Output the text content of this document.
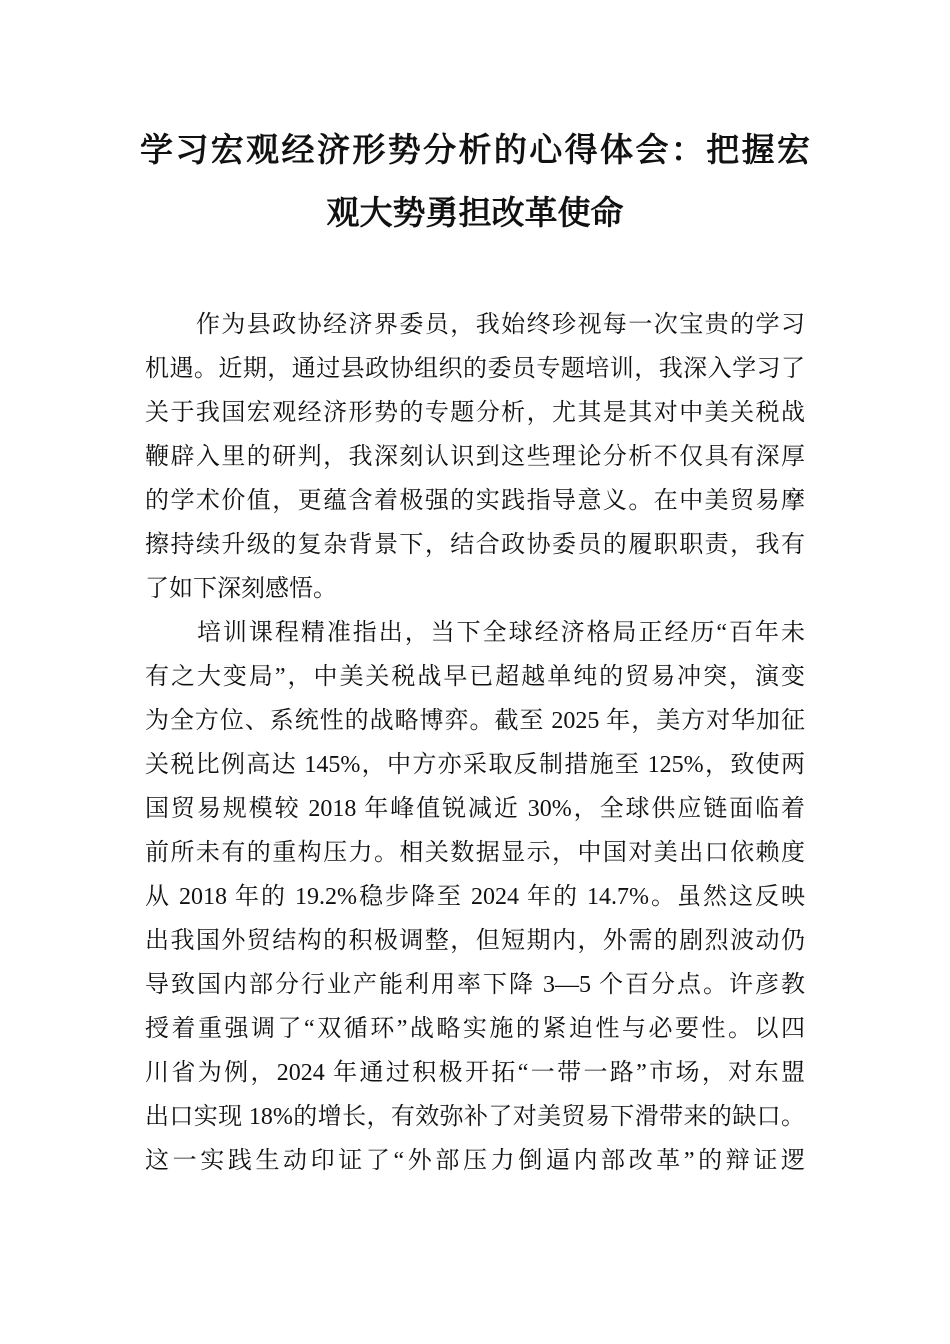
学习宏观经济形势分析的心得体会：把握宏
观大势勇担改革使命
　　作为县政协经济界委员，我始终珍视每一次宝贵的学习
机遇。近期，通过县政协组织的委员专题培训，我深入学习了
关于我国宏观经济形势的专题分析，尤其是其对中美关税战
鞭辟入里的研判，我深刻认识到这些理论分析不仅具有深厚
的学术价值，更蕴含着极强的实践指导意义。在中美贸易摩
擦持续升级的复杂背景下，结合政协委员的履职职责，我有
了如下深刻感悟。
　　培训课程精准指出，当下全球经济格局正经历“百年未
有之大变局”，中美关税战早已超越单纯的贸易冲突，演变
为全方位、系统性的战略博弈。截至 2025 年，美方对华加征
关税比例高达 145%，中方亦采取反制措施至 125%，致使两
国贸易规模较 2018 年峰值锐减近 30%，全球供应链面临着
前所未有的重构压力。相关数据显示，中国对美出口依赖度
从 2018 年的 19.2%稳步降至 2024 年的 14.7%。虽然这反映
出我国外贸结构的积极调整，但短期内，外需的剧烈波动仍
导致国内部分行业产能利用率下降 3—5 个百分点。许彦教
授着重强调了“双循环”战略实施的紧迫性与必要性。以四
川省为例，2024 年通过积极开拓“一带一路”市场，对东盟
出口实现 18%的增长，有效弥补了对美贸易下滑带来的缺口。
这一实践生动印证了“外部压力倒逼内部改革”的辩证逻
